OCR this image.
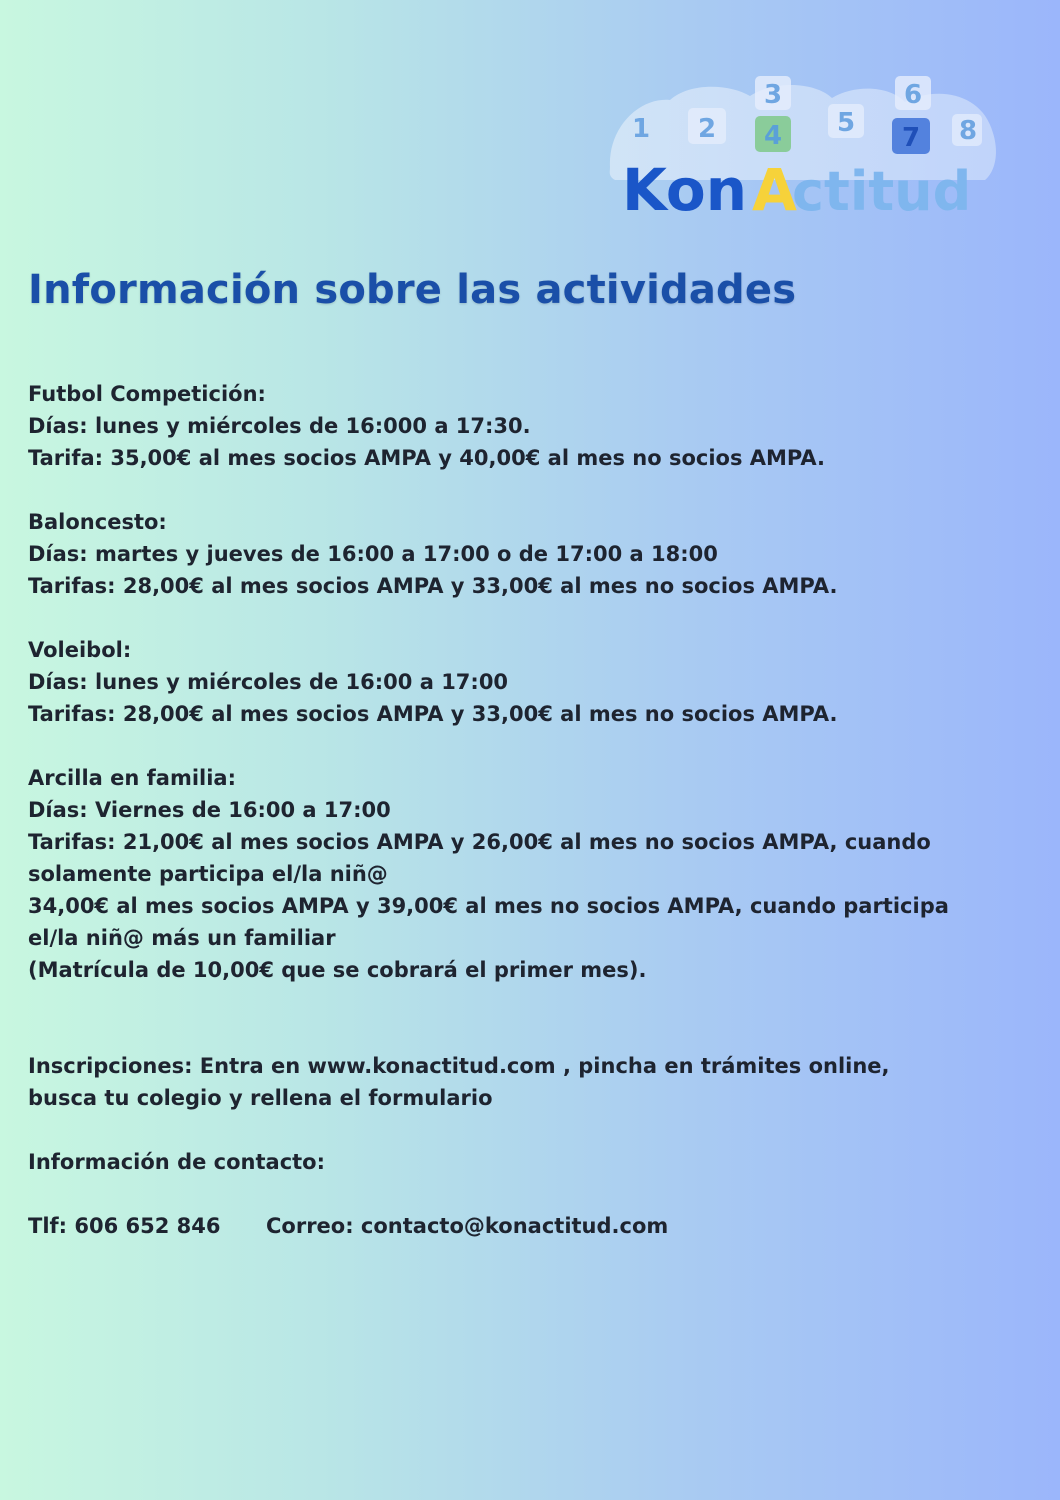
1 2
3
4 5
6
7 8
Kon A
ctitud
Información sobre las actividades
Futbol Competición:
Días: lunes y miércoles de 16:000 a 17:30.
Tarifa: 35,00€ al mes socios AMPA y 40,00€ al mes no socios AMPA.
Baloncesto:
Días: martes y jueves de 16:00 a 17:00 o de 17:00 a 18:00
Tarifas: 28,00€ al mes socios AMPA y 33,00€ al mes no socios AMPA.
Voleibol:
Días: lunes y miércoles de 16:00 a 17:00
Tarifas: 28,00€ al mes socios AMPA y 33,00€ al mes no socios AMPA.
Arcilla en familia:
Días: Viernes de 16:00 a 17:00
Tarifas: 21,00€ al mes socios AMPA y 26,00€ al mes no socios AMPA, cuando
solamente participa el/la niñ@
34,00€ al mes socios AMPA y 39,00€ al mes no socios AMPA, cuando participa
el/la niñ@ más un familiar
(Matrícula de 10,00€ que se cobrará el primer mes).
Inscripciones: Entra en www.konactitud.com , pincha en trámites online,
busca tu colegio y rellena el formulario
Información de contacto:
Tlf: 606 652 846	Correo: contacto@konactitud.com
